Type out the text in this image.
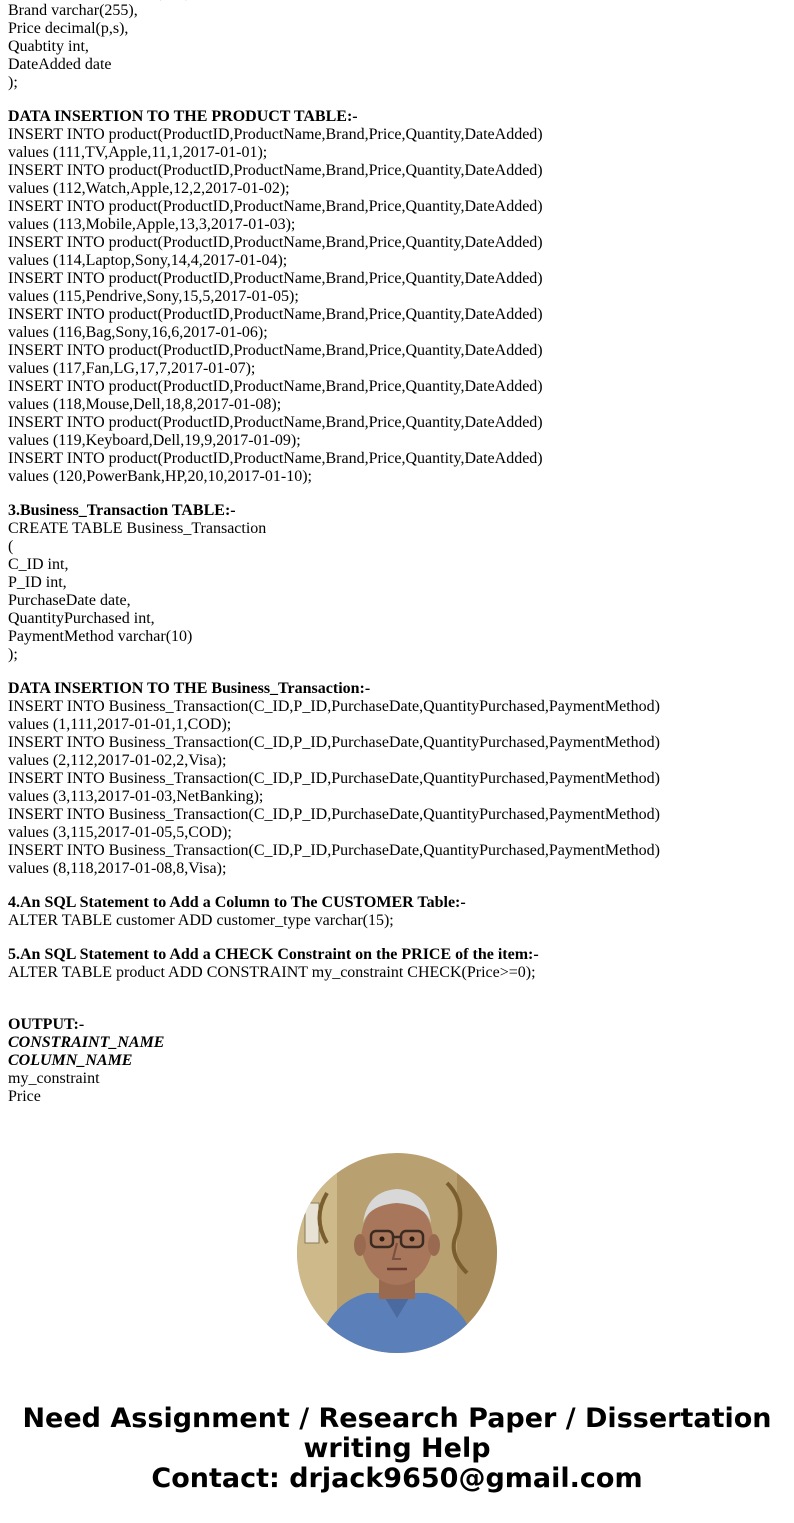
Brand varchar(255),
Price decimal(p,s),
Quabtity int,
DateAdded date
);
DATA INSERTION TO THE PRODUCT TABLE:-
INSERT INTO product(ProductID,ProductName,Brand,Price,Quantity,DateAdded)
values (111,TV,Apple,11,1,2017-01-01);
INSERT INTO product(ProductID,ProductName,Brand,Price,Quantity,DateAdded)
values (112,Watch,Apple,12,2,2017-01-02);
INSERT INTO product(ProductID,ProductName,Brand,Price,Quantity,DateAdded)
values (113,Mobile,Apple,13,3,2017-01-03);
INSERT INTO product(ProductID,ProductName,Brand,Price,Quantity,DateAdded)
values (114,Laptop,Sony,14,4,2017-01-04);
INSERT INTO product(ProductID,ProductName,Brand,Price,Quantity,DateAdded)
values (115,Pendrive,Sony,15,5,2017-01-05);
INSERT INTO product(ProductID,ProductName,Brand,Price,Quantity,DateAdded)
values (116,Bag,Sony,16,6,2017-01-06);
INSERT INTO product(ProductID,ProductName,Brand,Price,Quantity,DateAdded)
values (117,Fan,LG,17,7,2017-01-07);
INSERT INTO product(ProductID,ProductName,Brand,Price,Quantity,DateAdded)
values (118,Mouse,Dell,18,8,2017-01-08);
INSERT INTO product(ProductID,ProductName,Brand,Price,Quantity,DateAdded)
values (119,Keyboard,Dell,19,9,2017-01-09);
INSERT INTO product(ProductID,ProductName,Brand,Price,Quantity,DateAdded)
values (120,PowerBank,HP,20,10,2017-01-10);
3.Business_Transaction TABLE:-
CREATE TABLE Business_Transaction
(
C_ID int,
P_ID int,
PurchaseDate date,
QuantityPurchased int,
PaymentMethod varchar(10)
);
DATA INSERTION TO THE Business_Transaction:-
INSERT INTO Business_Transaction(C_ID,P_ID,PurchaseDate,QuantityPurchased,PaymentMethod)
values (1,111,2017-01-01,1,COD);
INSERT INTO Business_Transaction(C_ID,P_ID,PurchaseDate,QuantityPurchased,PaymentMethod)
values (2,112,2017-01-02,2,Visa);
INSERT INTO Business_Transaction(C_ID,P_ID,PurchaseDate,QuantityPurchased,PaymentMethod)
values (3,113,2017-01-03,NetBanking);
INSERT INTO Business_Transaction(C_ID,P_ID,PurchaseDate,QuantityPurchased,PaymentMethod)
values (3,115,2017-01-05,5,COD);
INSERT INTO Business_Transaction(C_ID,P_ID,PurchaseDate,QuantityPurchased,PaymentMethod)
values (8,118,2017-01-08,8,Visa);
4.An SQL Statement to Add a Column to The CUSTOMER Table:-
ALTER TABLE customer ADD customer_type varchar(15);
5.An SQL Statement to Add a CHECK Constraint on the PRICE of the item:-
ALTER TABLE product ADD CONSTRAINT my_constraint CHECK(Price>=0);
OUTPUT:-
CONSTRAINT_NAME
COLUMN_NAME
my_constraint
Price
Need Assignment / Research Paper / Dissertation
writing Help
Contact: drjack9650@gmail.com
